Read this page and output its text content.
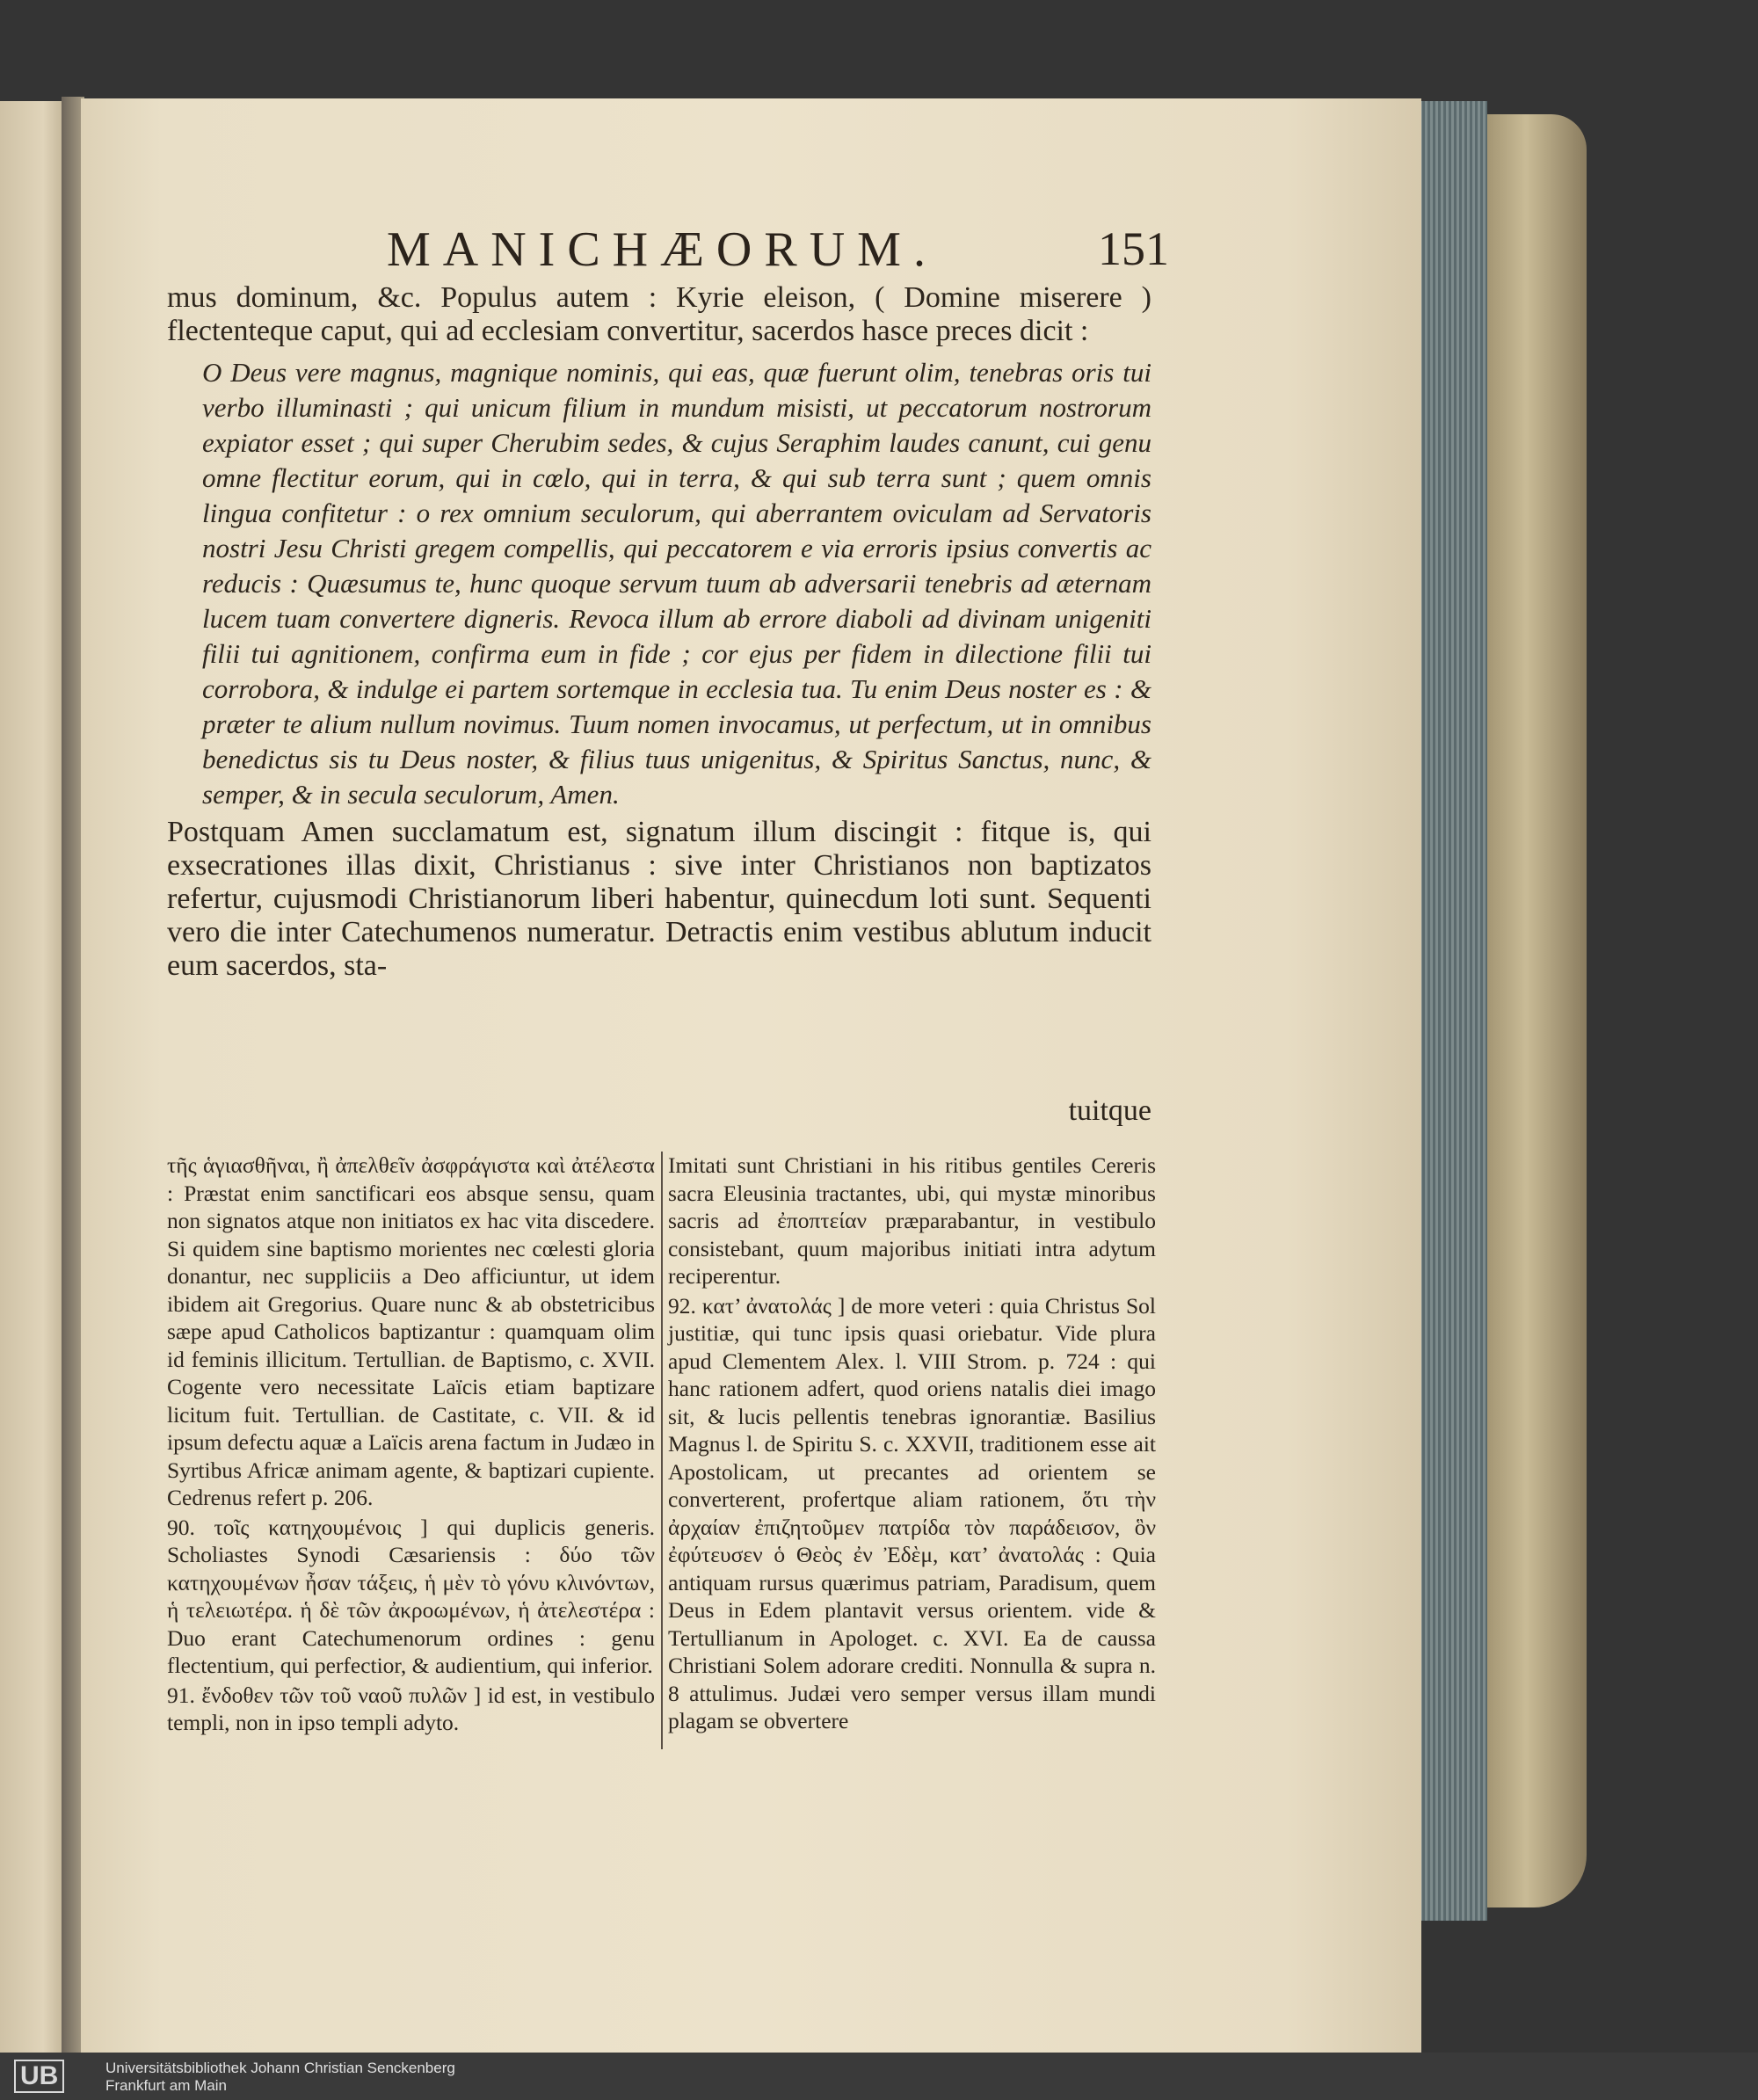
MANICHÆORUM.	151

mus dominum, &c. Populus autem : Kyrie eleison, ( Domine miserere ) flectenteque caput, qui ad ecclesiam convertitur, sacerdos hasce preces dicit :

O Deus vere magnus, magnique nominis, qui eas, quæ fuerunt olim, tenebras oris tui verbo illuminasti ; qui unicum filium in mundum misisti, ut peccatorum nostrorum expiator esset ; qui super Cherubim sedes, & cujus Seraphim laudes canunt, cui genu omne flectitur eorum, qui in cœlo, qui in terra, & qui sub terra sunt ; quem omnis lingua confitetur : o rex omnium seculorum, qui aberrantem oviculam ad Servatoris nostri Jesu Christi gregem compellis, qui peccatorem e via erroris ipsius convertis ac reducis : Quæsumus te, hunc quoque servum tuum ab adversarii tenebris ad æternam lucem tuam convertere digneris. Revoca illum ab errore diaboli ad divinam unigeniti filii tui agnitionem, confirma eum in fide ; cor ejus per fidem in dilectione filii tui corrobora, & indulge ei partem sortemque in ecclesia tua. Tu enim Deus noster es : & præter te alium nullum novimus. Tuum nomen invocamus, ut perfectum, ut in omnibus benedictus sis tu Deus noster, & filius tuus unigenitus, & Spiritus Sanctus, nunc, & semper, & in secula seculorum, Amen.

Postquam Amen succlamatum est, signatum illum discingit : fitque is, qui exsecrationes illas dixit, Christianus : sive inter Christianos non baptizatos refertur, cujusmodi Christianorum liberi habentur, quinecdum loti sunt. Sequenti vero die inter Catechumenos numeratur. Detractis enim vestibus ablutum inducit eum sacerdos, sta-

tuitque

τῆς ἁγιασθῆναι, ἢ ἀπελθεῖν ἀσφράγιστα καὶ ἀτέλεστα : Præstat enim sanctificari eos absque sensu, quam non signatos atque non initiatos ex hac vita discedere. Si quidem sine baptismo morientes nec cœlesti gloria donantur, nec suppliciis a Deo afficiuntur, ut idem ibidem ait Gregorius. Quare nunc & ab obstetricibus sæpe apud Catholicos baptizantur : quamquam olim id feminis illicitum. Tertullian. de Baptismo, c. XVII. Cogente vero necessitate Laïcis etiam baptizare licitum fuit. Tertullian. de Castitate, c. VII. & id ipsum defectu aquæ a Laïcis arena factum in Judæo in Syrtibus Africæ animam agente, & baptizari cupiente. Cedrenus refert p. 206.

90. τοῖς κατηχουμένοις ] qui duplicis generis. Scholiastes Synodi Cæsariensis : δύο τῶν κατηχουμένων ἦσαν τάξεις, ἡ μὲν τὸ γόνυ κλινόντων, ἡ τελειωτέρα. ἡ δὲ τῶν ἀκροωμένων, ἡ ἀτελεστέρα : Duo erant Catechumenorum ordines : genu flectentium, qui perfectior, & audientium, qui inferior.

91. ἔνδοθεν τῶν τοῦ ναοῦ πυλῶν ] id est, in vestibulo templi, non in ipso templi adyto.

Imitati sunt Christiani in his ritibus gentiles Cereris sacra Eleusinia tractantes, ubi, qui mystæ minoribus sacris ad ἐποπτείαν præparabantur, in vestibulo consistebant, quum majoribus initiati intra adytum reciperentur.

92. κατ’ ἀνατολάς ] de more veteri : quia Christus Sol justitiæ, qui tunc ipsis quasi oriebatur. Vide plura apud Clementem Alex. l. VIII Strom. p. 724 : qui hanc rationem adfert, quod oriens natalis diei imago sit, & lucis pellentis tenebras ignorantiæ. Basilius Magnus l. de Spiritu S. c. XXVII, traditionem esse ait Apostolicam, ut precantes ad orientem se converterent, profertque aliam rationem, ὅτι τὴν ἀρχαίαν ἐπιζητοῦμεν πατρίδα τὸν παράδεισον, ὃν ἐφύτευσεν ὁ Θεὸς ἐν Ἐδὲμ, κατ’ ἀνατολάς : Quia antiquam rursus quærimus patriam, Paradisum, quem Deus in Edem plantavit versus orientem. vide & Tertullianum in Apologet. c. XVI. Ea de caussa Christiani Solem adorare crediti. Nonnulla & supra n. 8 attulimus. Judæi vero semper versus illam mundi plagam se obvertere

UB	Universitätsbibliothek Johann Christian Senckenberg
Frankfurt am Main
